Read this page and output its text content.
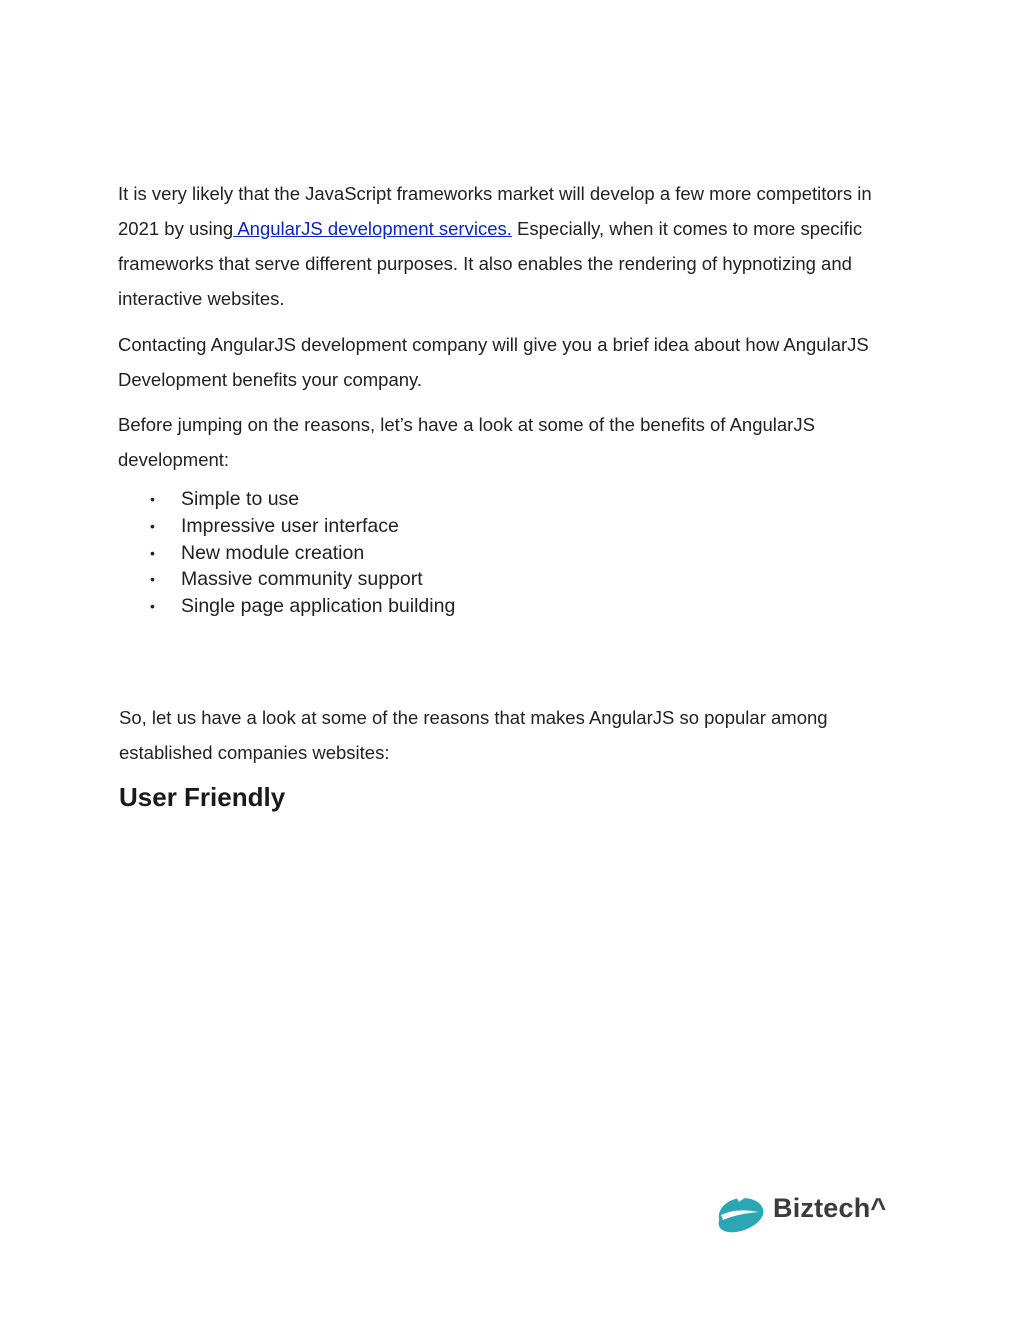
It is very likely that the JavaScript frameworks market will develop a few more competitors in 2021 by using AngularJS development services. Especially, when it comes to more specific frameworks that serve different purposes. It also enables the rendering of hypnotizing and interactive websites.

Contacting AngularJS development company will give you a brief idea about how AngularJS Development benefits your company.

Before jumping on the reasons, let’s have a look at some of the benefits of AngularJS development:

• Simple to use
• Impressive user interface
• New module creation
• Massive community support
• Single page application building

So, let us have a look at some of the reasons that makes AngularJS so popular among established companies websites:

User Friendly
Biztech^
